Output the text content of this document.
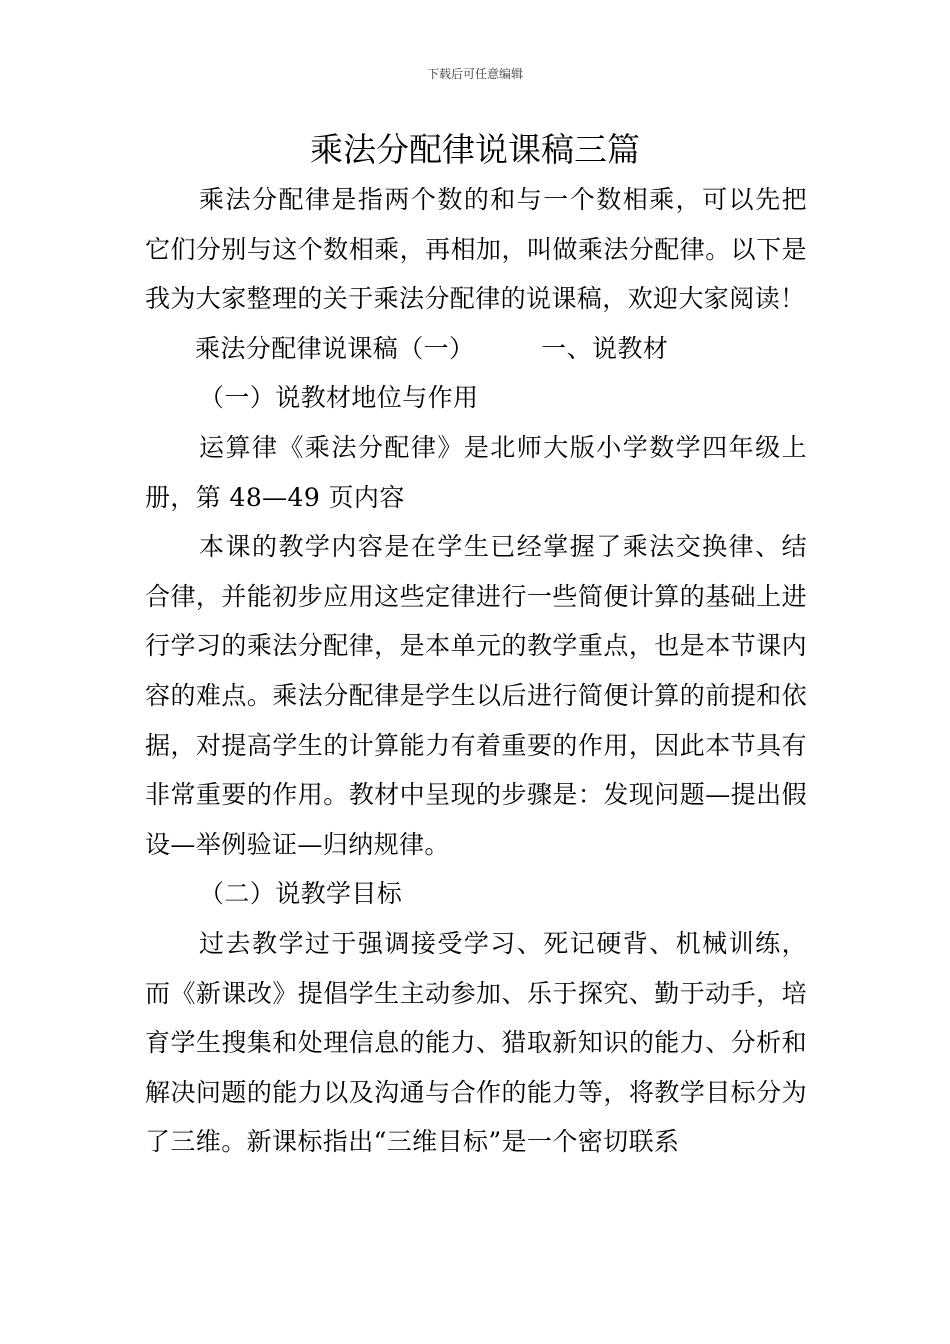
下载后可任意编辑
乘法分配律说课稿三篇

乘法分配律是指两个数的和与一个数相乘，可以先把它们分别与这个数相乘，再相加，叫做乘法分配律。以下是我为大家整理的关于乘法分配律的说课稿，欢迎大家阅读！

乘法分配律说课稿（一）        一、说教材

（一）说教材地位与作用

运算律《乘法分配律》是北师大版小学数学四年级上册，第 48—49 页内容

本课的教学内容是在学生已经掌握了乘法交换律、结合律，并能初步应用这些定律进行一些简便计算的基础上进行学习的乘法分配律，是本单元的教学重点，也是本节课内容的难点。乘法分配律是学生以后进行简便计算的前提和依据，对提高学生的计算能力有着重要的作用，因此本节具有非常重要的作用。教材中呈现的步骤是：发现问题—提出假设—举例验证—归纳规律。

（二）说教学目标

过去教学过于强调接受学习、死记硬背、机械训练，而《新课改》提倡学生主动参加、乐于探究、勤于动手，培育学生搜集和处理信息的能力、猎取新知识的能力、分析和解决问题的能力以及沟通与合作的能力等，将教学目标分为了三维。新课标指出“三维目标”是一个密切联系
